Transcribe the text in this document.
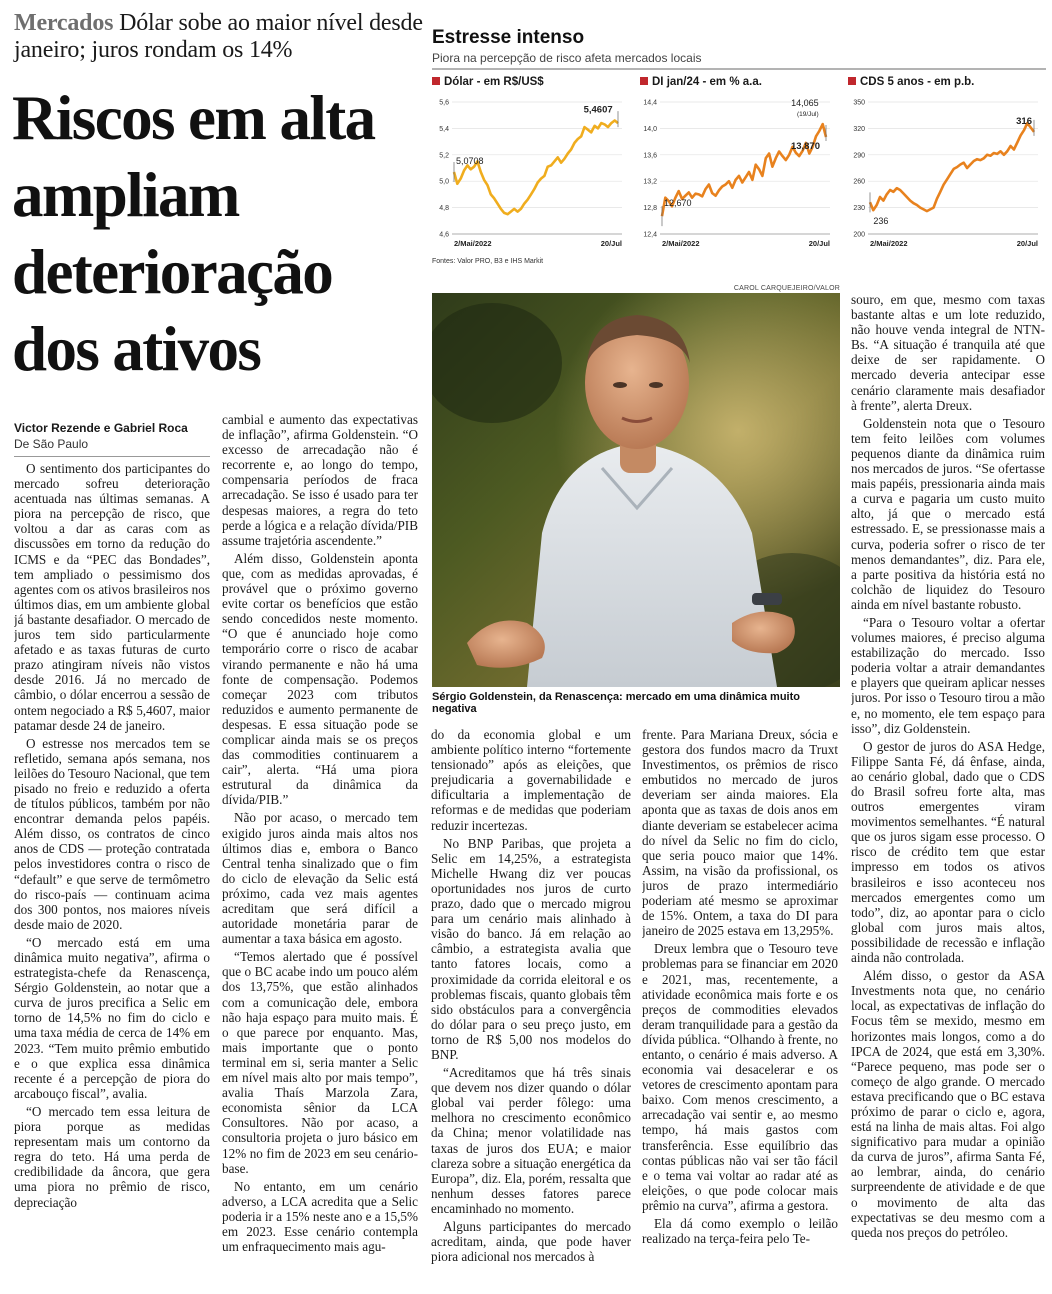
Mercados Dólar sobe ao maior nível desde janeiro; juros rondam os 14%
Riscos em alta ampliam deterioração dos ativos
Victor Rezende e Gabriel Roca
De São Paulo
Estresse intenso
Piora na percepção de risco afeta mercados locais
Dólar - em R$/US$
5,6
5,4
5,2
5,0
4,8
4,6
5,0708
5,4607
2/Mai/2022	20/Jul
DI jan/24 - em % a.a.
14,4
14,0
13,6
13,2
12,8
12,4
12,670
14,065
(19/Jul)
13,870
2/Mai/2022	20/Jul
CDS 5 anos - em p.b.
350
320
290
260
230
200
236
316
2/Mai/2022	20/Jul
Fontes: Valor PRO, B3 e IHS Markit
CAROL CARQUEJEIRO/VALOR
Sérgio Goldenstein, da Renascença: mercado em uma dinâmica muito negativa

O sentimento dos participantes do mercado sofreu deterioração acentuada nas últimas semanas. A piora na percepção de risco, que voltou a dar as caras com as discussões em torno da redução do ICMS e da “PEC das Bondades”, tem ampliado o pessimismo dos agentes com os ativos brasileiros nos últimos dias, em um ambiente global já bastante desafiador. O mercado de juros tem sido particularmente afetado e as taxas futuras de curto prazo atingiram níveis não vistos desde 2016. Já no mercado de câmbio, o dólar encerrou a sessão de ontem negociado a R$ 5,4607, maior patamar desde 24 de janeiro.

O estresse nos mercados tem se refletido, semana após semana, nos leilões do Tesouro Nacional, que tem pisado no freio e reduzido a oferta de títulos públicos, também por não encontrar demanda pelos papéis. Além disso, os contratos de cinco anos de CDS — proteção contratada pelos investidores contra o risco de “default” e que serve de termômetro do risco-país — continuam acima dos 300 pontos, nos maiores níveis desde maio de 2020.

“O mercado está em uma dinâmica muito negativa”, afirma o estrategista-chefe da Renascença, Sérgio Goldenstein, ao notar que a curva de juros precifica a Selic em torno de 14,5% no fim do ciclo e uma taxa média de cerca de 14% em 2023. “Tem muito prêmio embutido e o que explica essa dinâmica recente é a percepção de piora do arcabouço fiscal”, avalia.

“O mercado tem essa leitura de piora porque as medidas representam mais um contorno da regra do teto. Há uma perda de credibilidade da âncora, que gera uma piora no prêmio de risco, depreciação

cambial e aumento das expectativas de inflação”, afirma Goldenstein. “O excesso de arrecadação não é recorrente e, ao longo do tempo, compensaria períodos de fraca arrecadação. Se isso é usado para ter despesas maiores, a regra do teto perde a lógica e a relação dívida/PIB assume trajetória ascendente.”

Além disso, Goldenstein aponta que, com as medidas aprovadas, é provável que o próximo governo evite cortar os benefícios que estão sendo concedidos neste momento. “O que é anunciado hoje como temporário corre o risco de acabar virando permanente e não há uma fonte de compensação. Podemos começar 2023 com tributos reduzidos e aumento permanente de despesas. E essa situação pode se complicar ainda mais se os preços das commodities continuarem a cair”, alerta. “Há uma piora estrutural da dinâmica da dívida/PIB.”

Não por acaso, o mercado tem exigido juros ainda mais altos nos últimos dias e, embora o Banco Central tenha sinalizado que o fim do ciclo de elevação da Selic está próximo, cada vez mais agentes acreditam que será difícil a autoridade monetária parar de aumentar a taxa básica em agosto.

“Temos alertado que é possível que o BC acabe indo um pouco além dos 13,75%, que estão alinhados com a comunicação dele, embora não haja espaço para muito mais. É o que parece por enquanto. Mas, mais importante que o ponto terminal em si, seria manter a Selic em nível mais alto por mais tempo”, avalia Thaís Marzola Zara, economista sênior da LCA Consultores. Não por acaso, a consultoria projeta o juro básico em 12% no fim de 2023 em seu cenário-base.

No entanto, em um cenário adverso, a LCA acredita que a Selic poderia ir a 15% neste ano e a 15,5% em 2023. Esse cenário contempla um enfraquecimento mais agu-

do da economia global e um ambiente político interno “fortemente tensionado” após as eleições, que prejudicaria a governabilidade e dificultaria a implementação de reformas e de medidas que poderiam reduzir incertezas.

No BNP Paribas, que projeta a Selic em 14,25%, a estrategista Michelle Hwang diz ver poucas oportunidades nos juros de curto prazo, dado que o mercado migrou para um cenário mais alinhado à visão do banco. Já em relação ao câmbio, a estrategista avalia que tanto fatores locais, como a proximidade da corrida eleitoral e os problemas fiscais, quanto globais têm sido obstáculos para a convergência do dólar para o seu preço justo, em torno de R$ 5,00 nos modelos do BNP.

“Acreditamos que há três sinais que devem nos dizer quando o dólar global vai perder fôlego: uma melhora no crescimento econômico da China; menor volatilidade nas taxas de juros dos EUA; e maior clareza sobre a situação energética da Europa”, diz. Ela, porém, ressalta que nenhum desses fatores parece encaminhado no momento.

Alguns participantes do mercado acreditam, ainda, que pode haver piora adicional nos mercados à

frente. Para Mariana Dreux, sócia e gestora dos fundos macro da Truxt Investimentos, os prêmios de risco embutidos no mercado de juros deveriam ser ainda maiores. Ela aponta que as taxas de dois anos em diante deveriam se estabelecer acima do nível da Selic no fim do ciclo, que seria pouco maior que 14%. Assim, na visão da profissional, os juros de prazo intermediário poderiam até mesmo se aproximar de 15%. Ontem, a taxa do DI para janeiro de 2025 estava em 13,295%.

Dreux lembra que o Tesouro teve problemas para se financiar em 2020 e 2021, mas, recentemente, a atividade econômica mais forte e os preços de commodities elevados deram tranquilidade para a gestão da dívida pública. “Olhando à frente, no entanto, o cenário é mais adverso. A economia vai desacelerar e os vetores de crescimento apontam para baixo. Com menos crescimento, a arrecadação vai sentir e, ao mesmo tempo, há mais gastos com transferência. Esse equilíbrio das contas públicas não vai ser tão fácil e o tema vai voltar ao radar até as eleições, o que pode colocar mais prêmio na curva”, afirma a gestora.

Ela dá como exemplo o leilão realizado na terça-feira pelo Te-

souro, em que, mesmo com taxas bastante altas e um lote reduzido, não houve venda integral de NTN-Bs. “A situação é tranquila até que deixe de ser rapidamente. O mercado deveria antecipar esse cenário claramente mais desafiador à frente”, alerta Dreux.

Goldenstein nota que o Tesouro tem feito leilões com volumes pequenos diante da dinâmica ruim nos mercados de juros. “Se ofertasse mais papéis, pressionaria ainda mais a curva e pagaria um custo muito alto, já que o mercado está estressado. E, se pressionasse mais a curva, poderia sofrer o risco de ter menos demandantes”, diz. Para ele, a parte positiva da história está no colchão de liquidez do Tesouro ainda em nível bastante robusto.

“Para o Tesouro voltar a ofertar volumes maiores, é preciso alguma estabilização do mercado. Isso poderia voltar a atrair demandantes e players que queiram aplicar nesses juros. Por isso o Tesouro tirou a mão e, no momento, ele tem espaço para isso”, diz Goldenstein.

O gestor de juros do ASA Hedge, Filippe Santa Fé, dá ênfase, ainda, ao cenário global, dado que o CDS do Brasil sofreu forte alta, mas outros emergentes viram movimentos semelhantes. “É natural que os juros sigam esse processo. O risco de crédito tem que estar impresso em todos os ativos brasileiros e isso aconteceu nos mercados emergentes como um todo”, diz, ao apontar para o ciclo global com juros mais altos, possibilidade de recessão e inflação ainda não controlada.

Além disso, o gestor da ASA Investments nota que, no cenário local, as expectativas de inflação do Focus têm se mexido, mesmo em horizontes mais longos, como a do IPCA de 2024, que está em 3,30%. “Parece pequeno, mas pode ser o começo de algo grande. O mercado estava precificando que o BC estava próximo de parar o ciclo e, agora, está na linha de mais altas. Foi algo significativo para mudar a opinião da curva de juros”, afirma Santa Fé, ao lembrar, ainda, do cenário surpreendente de atividade e de que o movimento de alta das expectativas se deu mesmo com a queda nos preços do petróleo.
